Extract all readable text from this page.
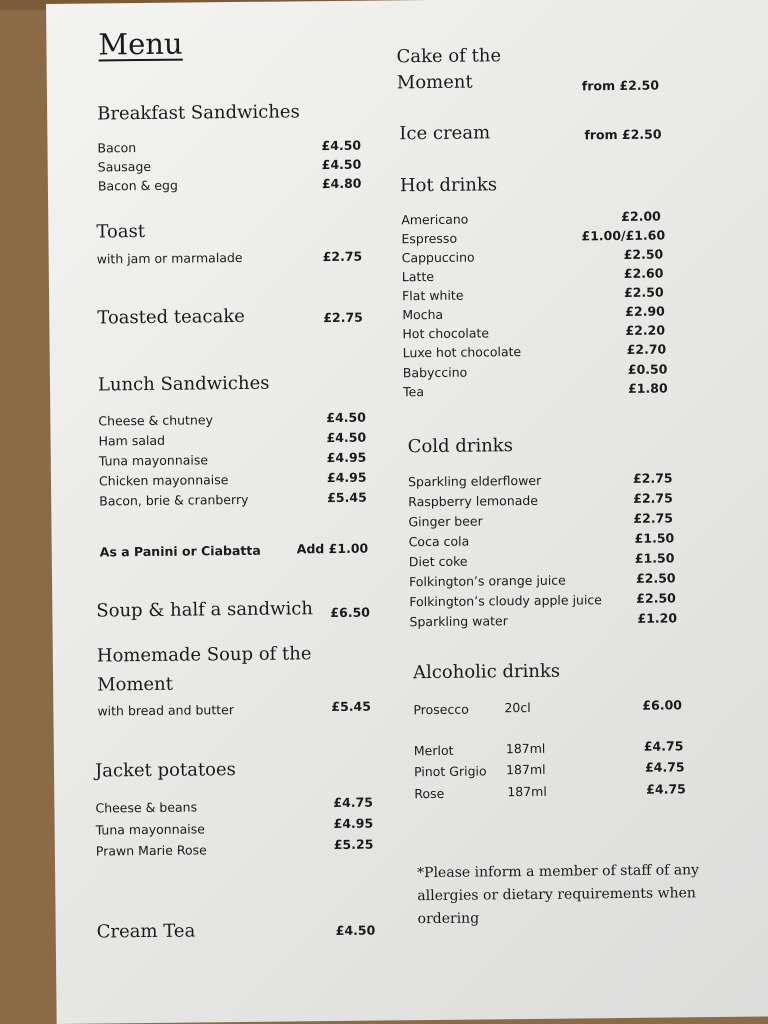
Menu
Breakfast Sandwiches
Bacon	£4.50
Sausage	£4.50
Bacon & egg	£4.80
Toast
with jam or marmalade	£2.75
Toasted teacake	£2.75
Lunch Sandwiches
Cheese & chutney	£4.50
Ham salad	£4.50
Tuna mayonnaise	£4.95
Chicken mayonnaise	£4.95
Bacon, brie & cranberry	£5.45
As a Panini or Ciabatta	Add £1.00
Soup & half a sandwich £6.50
Homemade Soup of the
Moment
with bread and butter	£5.45
Jacket potatoes
Cheese & beans	£4.75
Tuna mayonnaise	£4.95
Prawn Marie Rose	£5.25
Cream Tea	£4.50
Cake of the
Moment	from £2.50
Ice cream	from £2.50
Hot drinks
Americano	£2.00
Espresso	£1.00/£1.60
Cappuccino	£2.50
Latte	£2.60
Flat white	£2.50
Mocha	£2.90
Hot chocolate	£2.20
Luxe hot chocolate	£2.70
Babyccino	£0.50
Tea	£1.80
Cold drinks
Sparkling elderflower	£2.75
Raspberry lemonade	£2.75
Ginger beer	£2.75
Coca cola	£1.50
Diet coke	£1.50
Folkington’s orange juice	£2.50
Folkington’s cloudy apple juice	£2.50
Sparkling water	£1.20
Alcoholic drinks
Prosecco	20cl	£6.00
Merlot	187ml	£4.75
Pinot Grigio 187ml	£4.75
Rose	187ml	£4.75
*Please inform a member of staff of any allergies or dietary requirements when ordering
